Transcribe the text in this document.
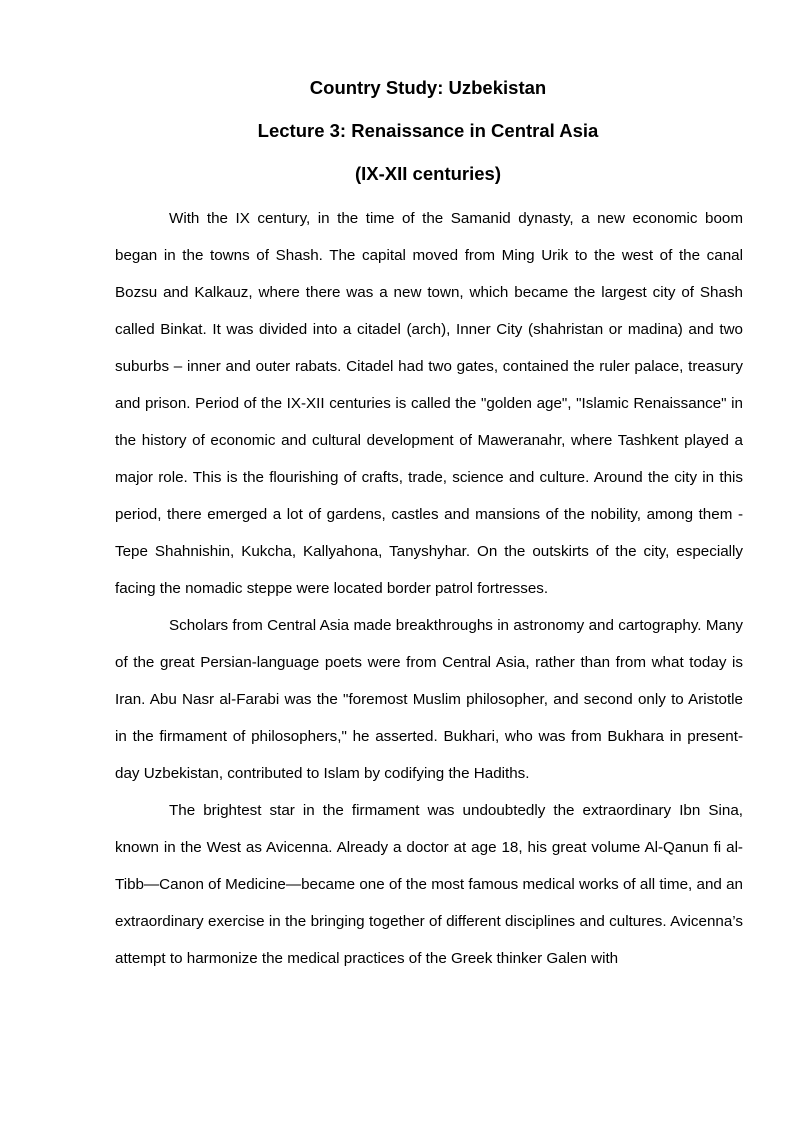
Country Study: Uzbekistan
Lecture 3: Renaissance in Central Asia
(IX-XII centuries)

With the IX century, in the time of the Samanid dynasty, a new economic boom began in the towns of Shash. The capital moved from Ming Urik to the west of the canal Bozsu and Kalkauz, where there was a new town, which became the largest city of Shash called Binkat. It was divided into a citadel (arch), Inner City (shahristan or madina) and two suburbs – inner and outer rabats. Citadel had two gates, contained the ruler palace, treasury and prison. Period of the IX-XII centuries is called the "golden age", "Islamic Renaissance" in the history of economic and cultural development of Maweranahr, where Tashkent played a major role. This is the flourishing of crafts, trade, science and culture. Around the city in this period, there emerged a lot of gardens, castles and mansions of the nobility, among them - Tepe Shahnishin, Kukcha, Kallyahona, Tanyshyhar. On the outskirts of the city, especially facing the nomadic steppe were located border patrol fortresses.

Scholars from Central Asia made breakthroughs in astronomy and cartography. Many of the great Persian-language poets were from Central Asia, rather than from what today is Iran. Abu Nasr al-Farabi was the "foremost Muslim philosopher, and second only to Aristotle in the firmament of philosophers," he asserted. Bukhari, who was from Bukhara in present-day Uzbekistan, contributed to Islam by codifying the Hadiths.

The brightest star in the firmament was undoubtedly the extraordinary Ibn Sina, known in the West as Avicenna. Already a doctor at age 18, his great volume Al-Qanun fi al-Tibb—Canon of Medicine—became one of the most famous medical works of all time, and an extraordinary exercise in the bringing together of different disciplines and cultures. Avicenna’s attempt to harmonize the medical practices of the Greek thinker Galen with
